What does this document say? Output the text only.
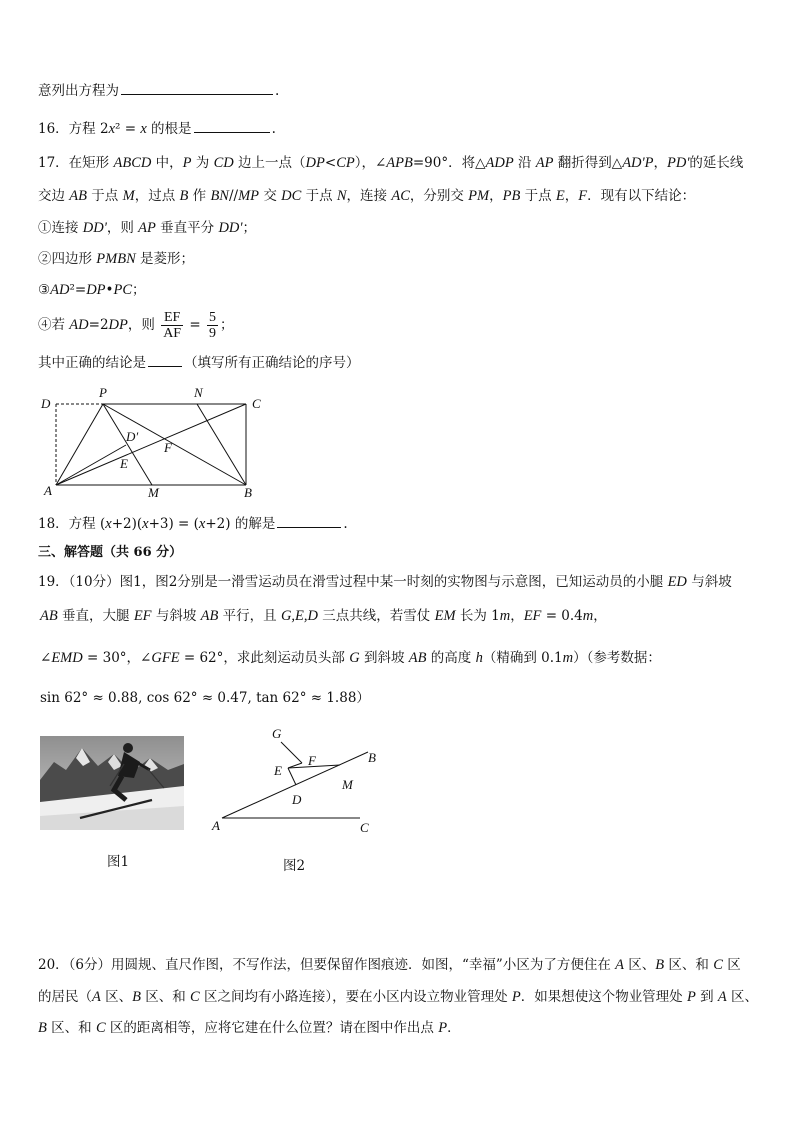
意列出方程为	.
16．方程 2x² = x 的根是	.
17．在矩形 ABCD 中，P 为 CD 边上一点（DP<CP），∠APB=90°．将△ADP 沿 AP 翻折得到△AD'P，PD'的延长线
交边 AB 于点 M，过点 B 作 BN//MP 交 DC 于点 N，连接 AC，分别交 PM，PB 于点 E，F．现有以下结论：
①连接 DD'，则 AP 垂直平分 DD'；
②四边形 PMBN 是菱形；
③AD²=DP•PC；
④若 AD=2DP，则 $\frac{EF}{AF} = \frac{5}{9}$ ；
其中正确的结论是	（填写所有正确结论的序号）
D
P	N
C
D′
F
E
A	M	B
18．方程 (x+2)(x+3) = (x+2) 的解是	.
三、解答题（共 66 分）
19．（10分）图1，图2分别是一滑雪运动员在滑雪过程中某一时刻的实物图与示意图，已知运动员的小腿 ED 与斜坡
AB 垂直，大腿 EF 与斜坡 AB 平行，且 G,E,D 三点共线，若雪仗 EM 长为 1m，EF = 0.4m，
∠EMD = 30°，∠GFE = 62°，求此刻运动员头部 G 到斜坡 AB 的高度 h（精确到 0.1m）（参考数据：
sin 62° ≈ 0.88, cos 62° ≈ 0.47, tan 62° ≈ 1.88）
图1
G
E
F
M
B
D
A	C
图2
20．（6分）用圆规、直尺作图，不写作法，但要保留作图痕迹．如图，“幸福”小区为了方便住在 A 区、B 区、和 C 区
的居民（A 区、B 区、和 C 区之间均有小路连接），要在小区内设立物业管理处 P．如果想使这个物业管理处 P 到 A 区、
B 区、和 C 区的距离相等，应将它建在什么位置？请在图中作出点 P．
